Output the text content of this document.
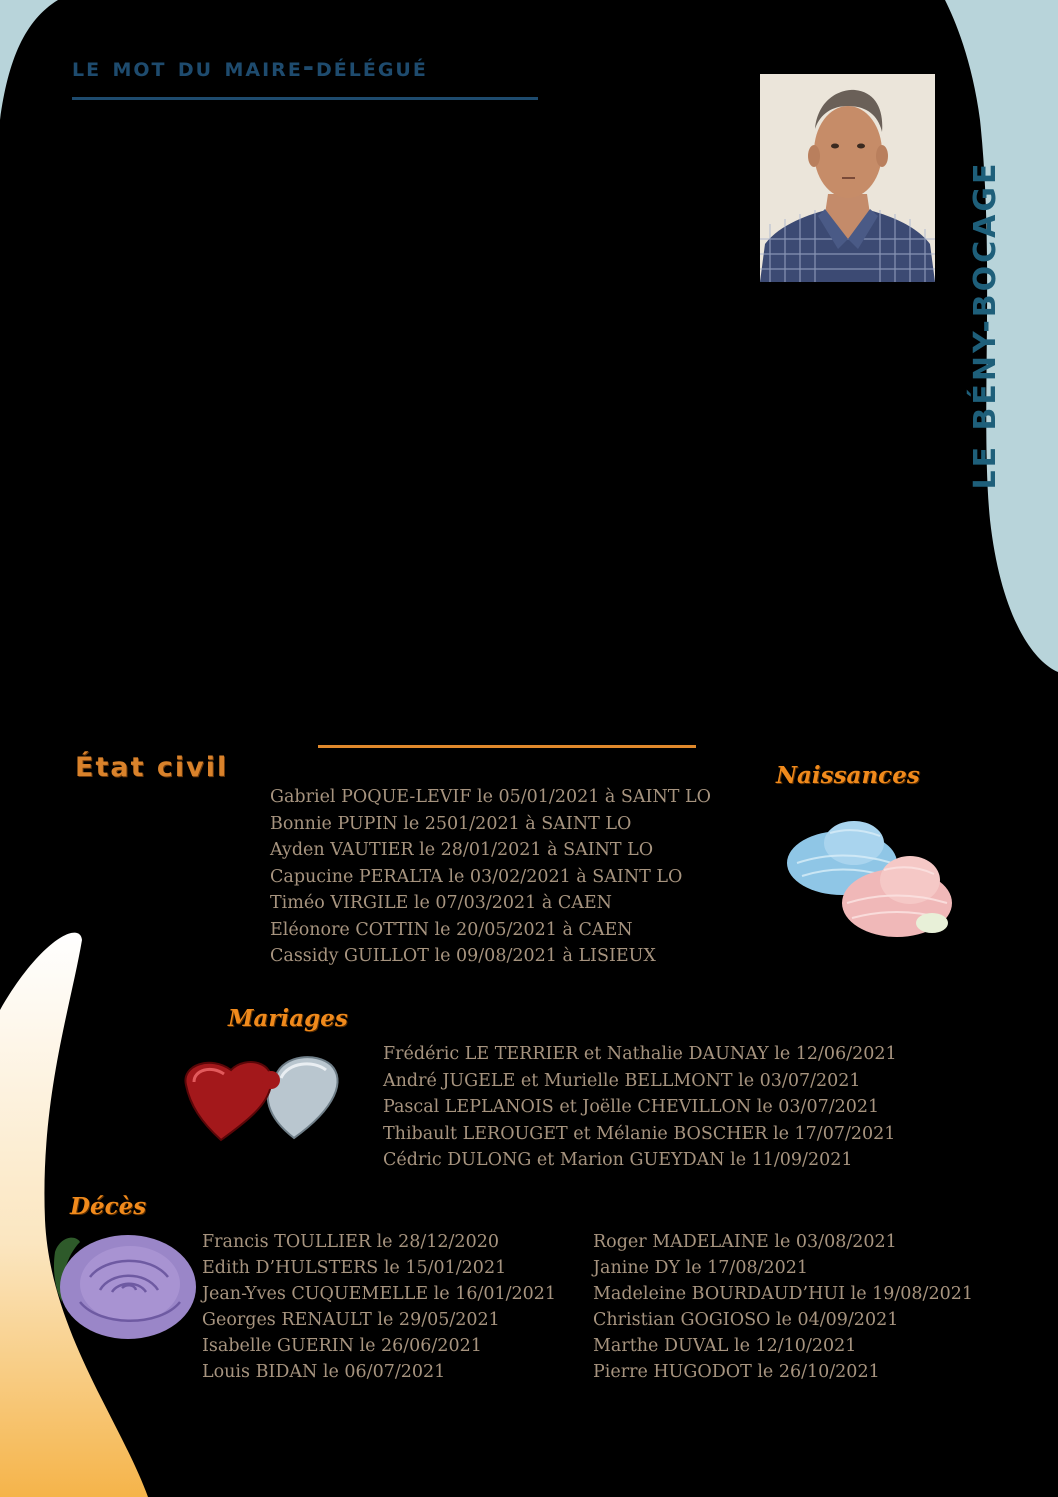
le mot du maire-délégué
LE BÉNY-BOCAGE
État civil	Naissances
Gabriel POQUE-LEVIF le 05/01/2021 à SAINT LO
Bonnie PUPIN le 2501/2021 à SAINT LO
Ayden VAUTIER le 28/01/2021 à SAINT LO
Capucine PERALTA le 03/02/2021 à SAINT LO
Timéo VIRGILE le 07/03/2021 à CAEN
Eléonore COTTIN le 20/05/2021 à CAEN
Cassidy GUILLOT le 09/08/2021 à LISIEUX
Mariages
Frédéric LE TERRIER et Nathalie DAUNAY le 12/06/2021
André JUGELE et Murielle BELLMONT le 03/07/2021
Pascal LEPLANOIS et Joëlle CHEVILLON le 03/07/2021
Thibault LEROUGET et Mélanie BOSCHER le 17/07/2021
Cédric DULONG et Marion GUEYDAN le 11/09/2021
Décès
Francis TOULLIER le 28/12/2020
Edith D’HULSTERS le 15/01/2021
Jean-Yves CUQUEMELLE le 16/01/2021
Georges RENAULT le 29/05/2021
Isabelle GUERIN le 26/06/2021
Louis BIDAN le 06/07/2021
Roger MADELAINE le 03/08/2021
Janine DY le 17/08/2021
Madeleine BOURDAUD’HUI le 19/08/2021
Christian GOGIOSO le 04/09/2021
Marthe DUVAL le 12/10/2021
Pierre HUGODOT le 26/10/2021
